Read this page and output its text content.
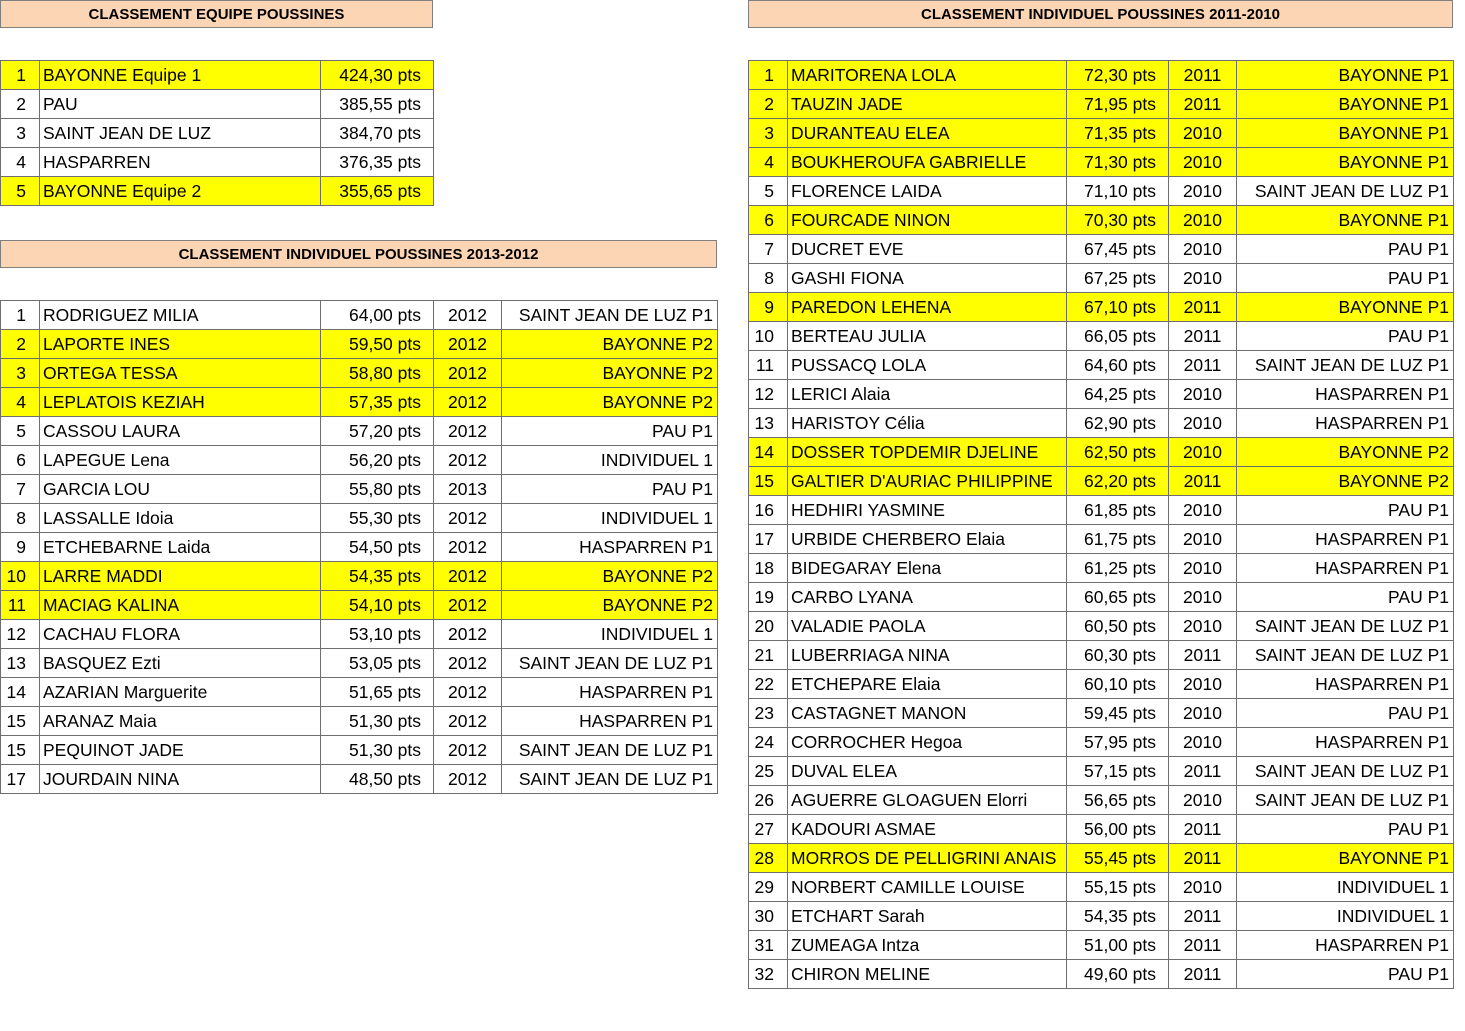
CLASSEMENT EQUIPE POUSSINES
1	BAYONNE Equipe 1	424,30 pts
2	PAU	385,55 pts
3	SAINT JEAN DE LUZ	384,70 pts
4	HASPARREN	376,35 pts
5	BAYONNE Equipe 2	355,65 pts
CLASSEMENT INDIVIDUEL POUSSINES 2013-2012
1	RODRIGUEZ MILIA	64,00 pts	2012	SAINT JEAN DE LUZ P1
2	LAPORTE INES	59,50 pts	2012	BAYONNE P2
3	ORTEGA TESSA	58,80 pts	2012	BAYONNE P2
4	LEPLATOIS KEZIAH	57,35 pts	2012	BAYONNE P2
5	CASSOU LAURA	57,20 pts	2012	PAU P1
6	LAPEGUE Lena	56,20 pts	2012	INDIVIDUEL 1
7	GARCIA LOU	55,80 pts	2013	PAU P1
8	LASSALLE Idoia	55,30 pts	2012	INDIVIDUEL 1
9	ETCHEBARNE Laida	54,50 pts	2012	HASPARREN P1
10	LARRE MADDI	54,35 pts	2012	BAYONNE P2
11	MACIAG KALINA	54,10 pts	2012	BAYONNE P2
12	CACHAU FLORA	53,10 pts	2012	INDIVIDUEL 1
13	BASQUEZ Ezti	53,05 pts	2012	SAINT JEAN DE LUZ P1
14	AZARIAN Marguerite	51,65 pts	2012	HASPARREN P1
15	ARANAZ Maia	51,30 pts	2012	HASPARREN P1
15	PEQUINOT JADE	51,30 pts	2012	SAINT JEAN DE LUZ P1
17	JOURDAIN NINA	48,50 pts	2012	SAINT JEAN DE LUZ P1
CLASSEMENT INDIVIDUEL POUSSINES 2011-2010
1	MARITORENA LOLA	72,30 pts	2011	BAYONNE P1
2	TAUZIN JADE	71,95 pts	2011	BAYONNE P1
3	DURANTEAU ELEA	71,35 pts	2010	BAYONNE P1
4	BOUKHEROUFA GABRIELLE	71,30 pts	2010	BAYONNE P1
5	FLORENCE LAIDA	71,10 pts	2010	SAINT JEAN DE LUZ P1
6	FOURCADE NINON	70,30 pts	2010	BAYONNE P1
7	DUCRET EVE	67,45 pts	2010	PAU P1
8	GASHI FIONA	67,25 pts	2010	PAU P1
9	PAREDON LEHENA	67,10 pts	2011	BAYONNE P1
10	BERTEAU JULIA	66,05 pts	2011	PAU P1
11	PUSSACQ LOLA	64,60 pts	2011	SAINT JEAN DE LUZ P1
12	LERICI Alaia	64,25 pts	2010	HASPARREN P1
13	HARISTOY Célia	62,90 pts	2010	HASPARREN P1
14	DOSSER TOPDEMIR DJELINE	62,50 pts	2010	BAYONNE P2
15	GALTIER D'AURIAC PHILIPPINE	62,20 pts	2011	BAYONNE P2
16	HEDHIRI YASMINE	61,85 pts	2010	PAU P1
17	URBIDE CHERBERO Elaia	61,75 pts	2010	HASPARREN P1
18	BIDEGARAY Elena	61,25 pts	2010	HASPARREN P1
19	CARBO LYANA	60,65 pts	2010	PAU P1
20	VALADIE PAOLA	60,50 pts	2010	SAINT JEAN DE LUZ P1
21	LUBERRIAGA NINA	60,30 pts	2011	SAINT JEAN DE LUZ P1
22	ETCHEPARE Elaia	60,10 pts	2010	HASPARREN P1
23	CASTAGNET MANON	59,45 pts	2010	PAU P1
24	CORROCHER Hegoa	57,95 pts	2010	HASPARREN P1
25	DUVAL ELEA	57,15 pts	2011	SAINT JEAN DE LUZ P1
26	AGUERRE GLOAGUEN Elorri	56,65 pts	2010	SAINT JEAN DE LUZ P1
27	KADOURI ASMAE	56,00 pts	2011	PAU P1
28	MORROS DE PELLIGRINI ANAIS	55,45 pts	2011	BAYONNE P1
29	NORBERT CAMILLE LOUISE	55,15 pts	2010	INDIVIDUEL 1
30	ETCHART Sarah	54,35 pts	2011	INDIVIDUEL 1
31	ZUMEAGA Intza	51,00 pts	2011	HASPARREN P1
32	CHIRON MELINE	49,60 pts	2011	PAU P1
